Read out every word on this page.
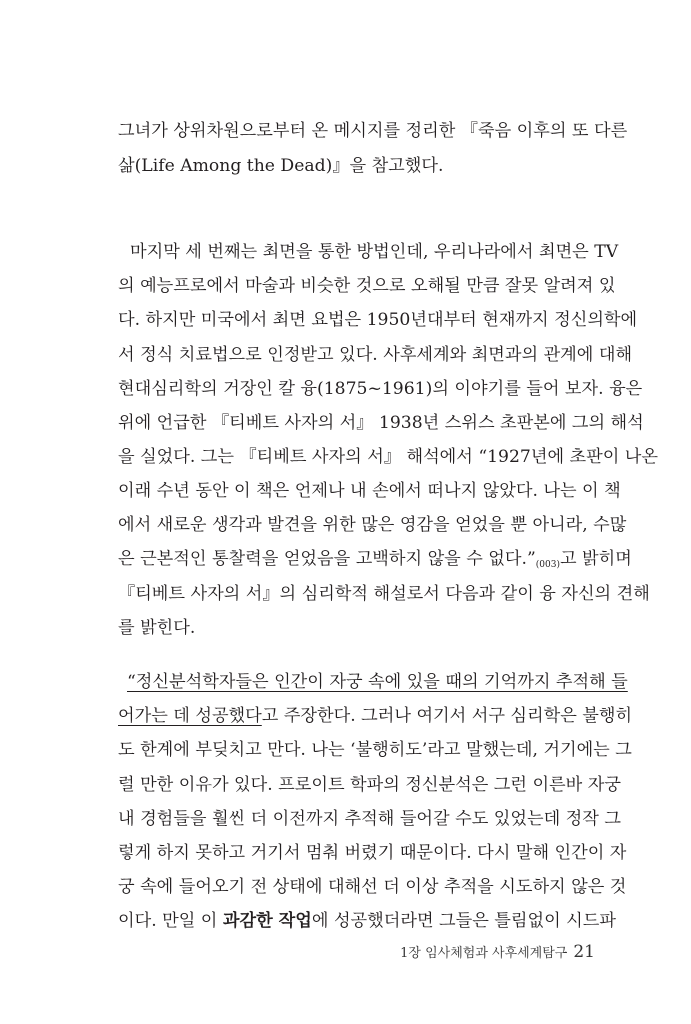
그녀가 상위차원으로부터 온 메시지를 정리한 『죽음 이후의 또 다른
삶(Life Among the Dead)』을 참고했다.
마지막 세 번째는 최면을 통한 방법인데, 우리나라에서 최면은 TV
의 예능프로에서 마술과 비슷한 것으로 오해될 만큼 잘못 알려져 있
다. 하지만 미국에서 최면 요법은 1950년대부터 현재까지 정신의학에
서 정식 치료법으로 인정받고 있다. 사후세계와 최면과의 관계에 대해
현대심리학의 거장인 칼 융(1875~1961)의 이야기를 들어 보자. 융은
위에 언급한 『티베트 사자의 서』 1938년 스위스 초판본에 그의 해석
을 실었다. 그는 『티베트 사자의 서』 해석에서 “1927년에 초판이 나온
이래 수년 동안 이 책은 언제나 내 손에서 떠나지 않았다. 나는 이 책
에서 새로운 생각과 발견을 위한 많은 영감을 얻었을 뿐 아니라, 수많
은 근본적인 통찰력을 얻었음을 고백하지 않을 수 없다$.”_{(003)}$고 밝히며
『티베트 사자의 서』의 심리학적 해설로서 다음과 같이 융 자신의 견해
를 밝힌다.
“정신분석학자들은 인간이 자궁 속에 있을 때의 기억까지 추적해 들
어가는 데 성공했다고 주장한다. 그러나 여기서 서구 심리학은 불행히
도 한계에 부딪치고 만다. 나는 ‘불행히도’라고 말했는데, 거기에는 그
럴 만한 이유가 있다. 프로이트 학파의 정신분석은 그런 이른바 자궁
내 경험들을 훨씬 더 이전까지 추적해 들어갈 수도 있었는데 정작 그
렇게 하지 못하고 거기서 멈춰 버렸기 때문이다. 다시 말해 인간이 자
궁 속에 들어오기 전 상태에 대해선 더 이상 추적을 시도하지 않은 것
이다. 만일 이 과감한 작업에 성공했더라면 그들은 틀림없이 시드파
1장 임사체험과 사후세계탐구 21
